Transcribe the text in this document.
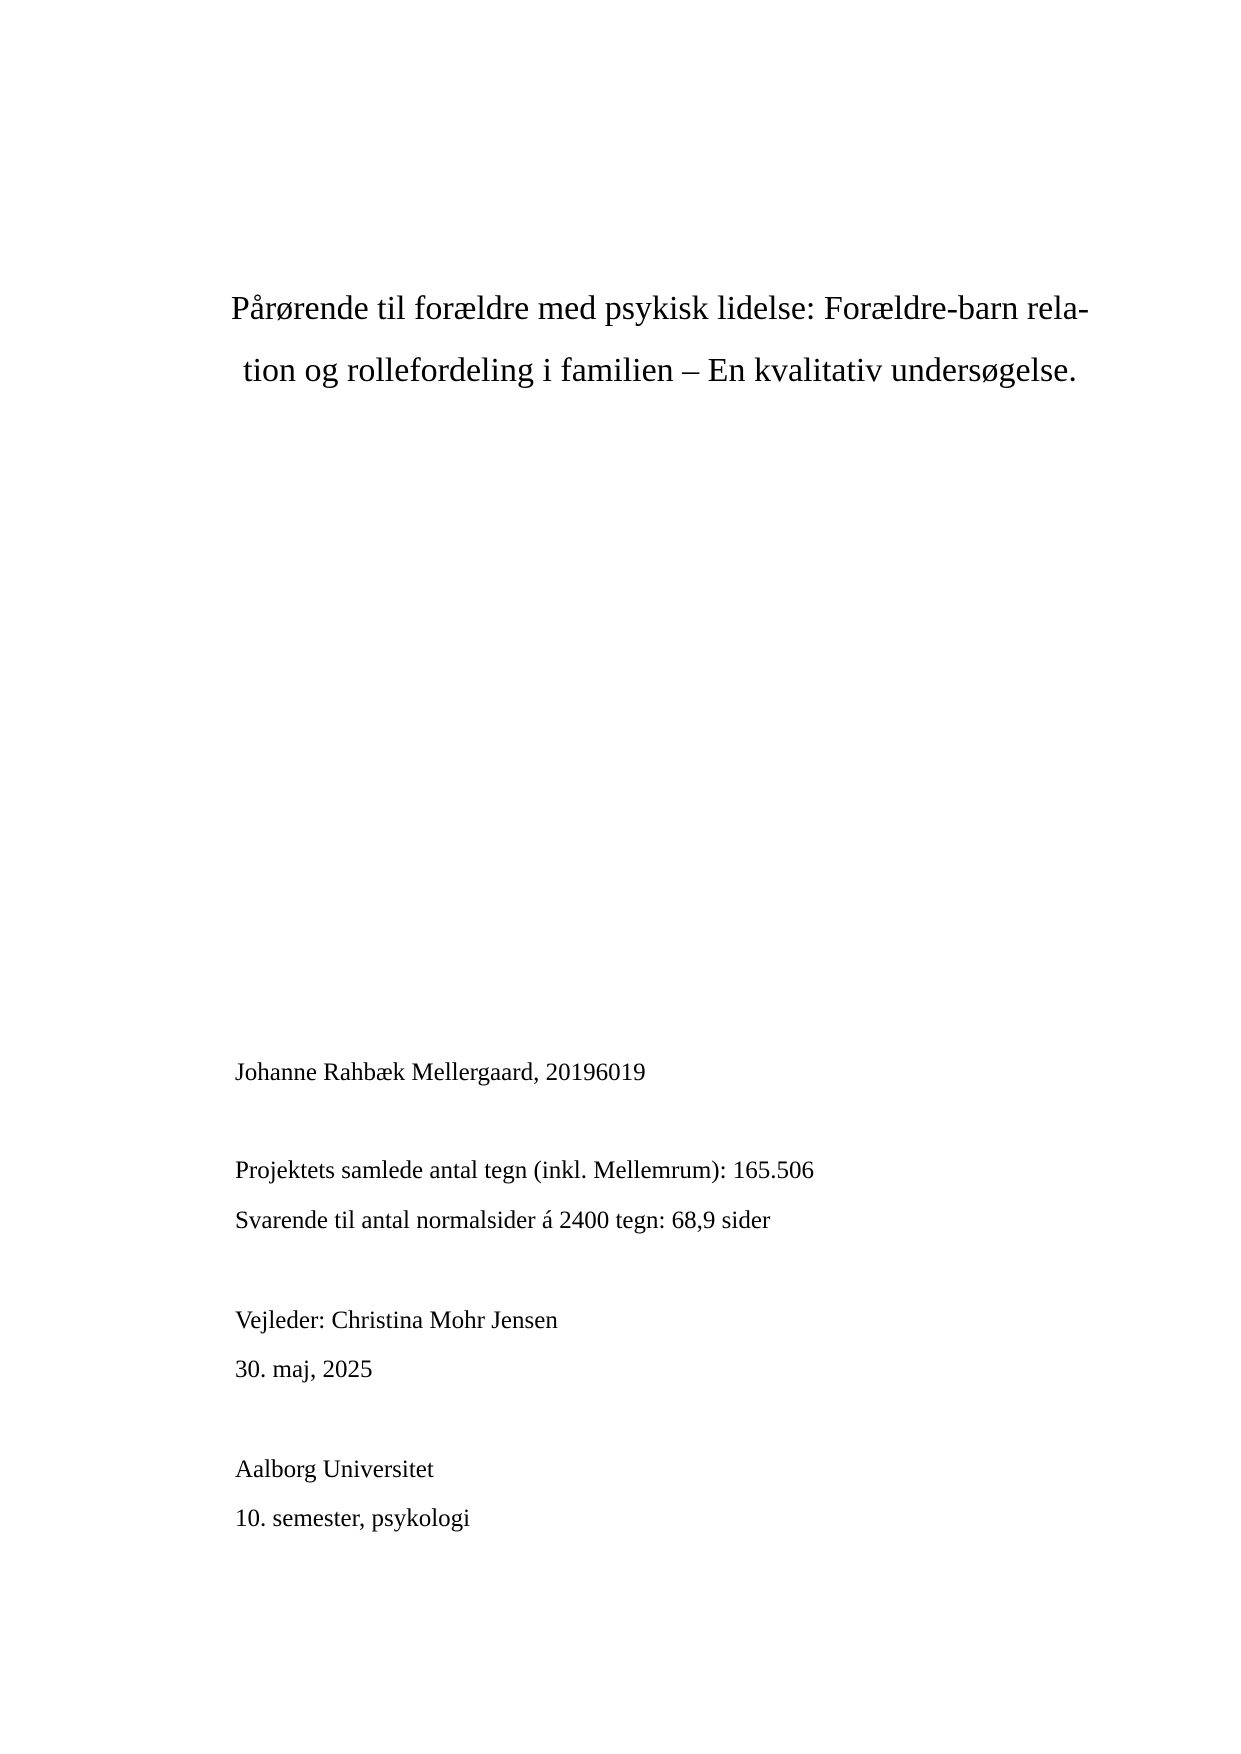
Pårørende til forældre med psykisk lidelse: Forældre-barn rela-
tion og rollefordeling i familien – En kvalitativ undersøgelse.
Johanne Rahbæk Mellergaard, 20196019
Projektets samlede antal tegn (inkl. Mellemrum): 165.506
Svarende til antal normalsider á 2400 tegn: 68,9 sider
Vejleder: Christina Mohr Jensen
30. maj, 2025
Aalborg Universitet
10. semester, psykologi
